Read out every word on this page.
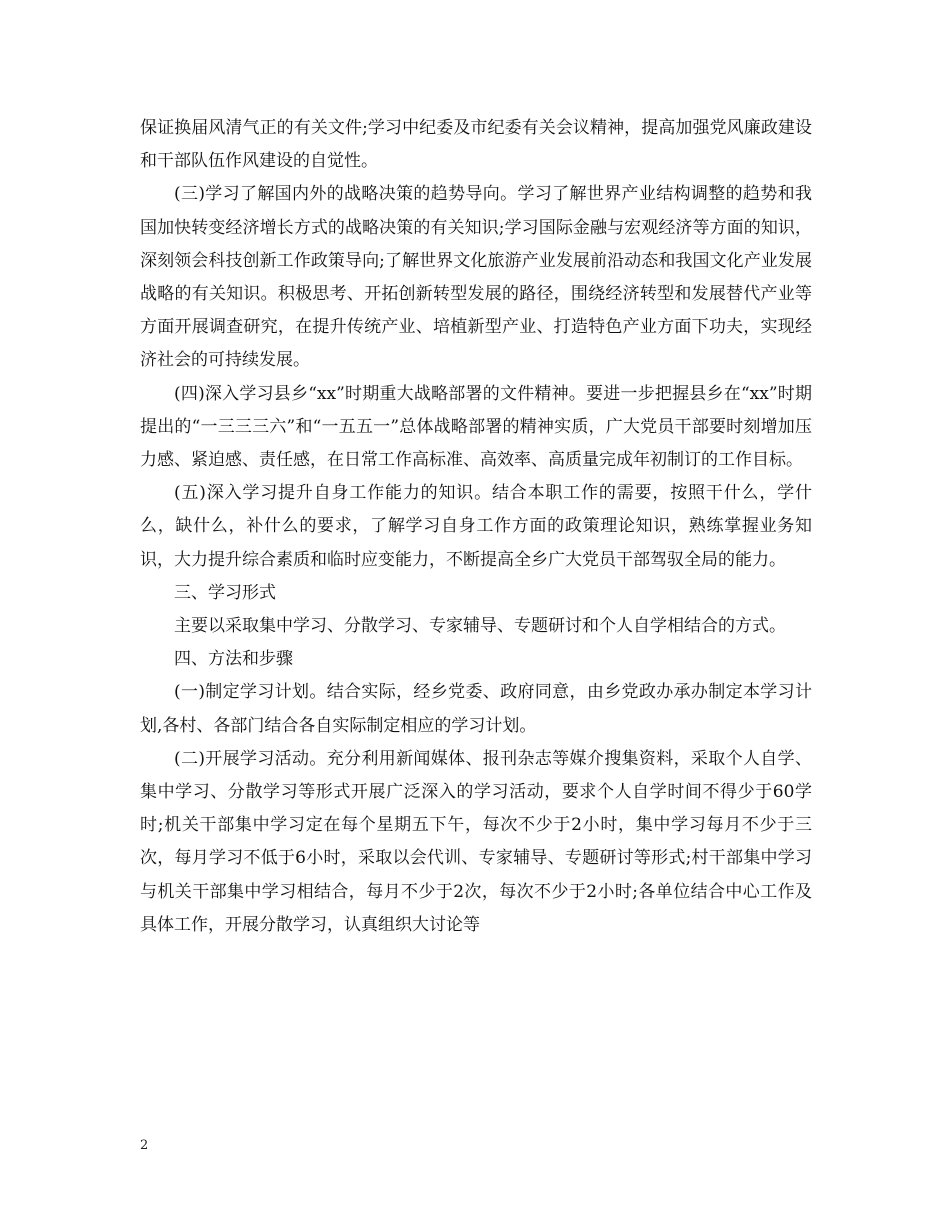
保证换届风清气正的有关文件;学习中纪委及市纪委有关会议精神，提高加强党风廉政建设和干部队伍作风建设的自觉性。

(三)学习了解国内外的战略决策的趋势导向。学习了解世界产业结构调整的趋势和我国加快转变经济增长方式的战略决策的有关知识;学习国际金融与宏观经济等方面的知识，深刻领会科技创新工作政策导向;了解世界文化旅游产业发展前沿动态和我国文化产业发展战略的有关知识。积极思考、开拓创新转型发展的路径，围绕经济转型和发展替代产业等方面开展调查研究，在提升传统产业、培植新型产业、打造特色产业方面下功夫，实现经济社会的可持续发展。

(四)深入学习县乡“xx”时期重大战略部署的文件精神。要进一步把握县乡在“xx”时期提出的“一三三三六”和“一五五一”总体战略部署的精神实质，广大党员干部要时刻增加压力感、紧迫感、责任感，在日常工作高标准、高效率、高质量完成年初制订的工作目标。

(五)深入学习提升自身工作能力的知识。结合本职工作的需要，按照干什么，学什么，缺什么，补什么的要求，了解学习自身工作方面的政策理论知识，熟练掌握业务知识，大力提升综合素质和临时应变能力，不断提高全乡广大党员干部驾驭全局的能力。

三、学习形式

主要以采取集中学习、分散学习、专家辅导、专题研讨和个人自学相结合的方式。

四、方法和步骤

(一)制定学习计划。结合实际，经乡党委、政府同意，由乡党政办承办制定本学习计划,各村、各部门结合各自实际制定相应的学习计划。

(二)开展学习活动。充分利用新闻媒体、报刊杂志等媒介搜集资料，采取个人自学、集中学习、分散学习等形式开展广泛深入的学习活动，要求个人自学时间不得少于60学时;机关干部集中学习定在每个星期五下午，每次不少于2小时，集中学习每月不少于三次，每月学习不低于6小时，采取以会代训、专家辅导、专题研讨等形式;村干部集中学习与机关干部集中学习相结合，每月不少于2次，每次不少于2小时;各单位结合中心工作及具体工作，开展分散学习，认真组织大讨论等

2
